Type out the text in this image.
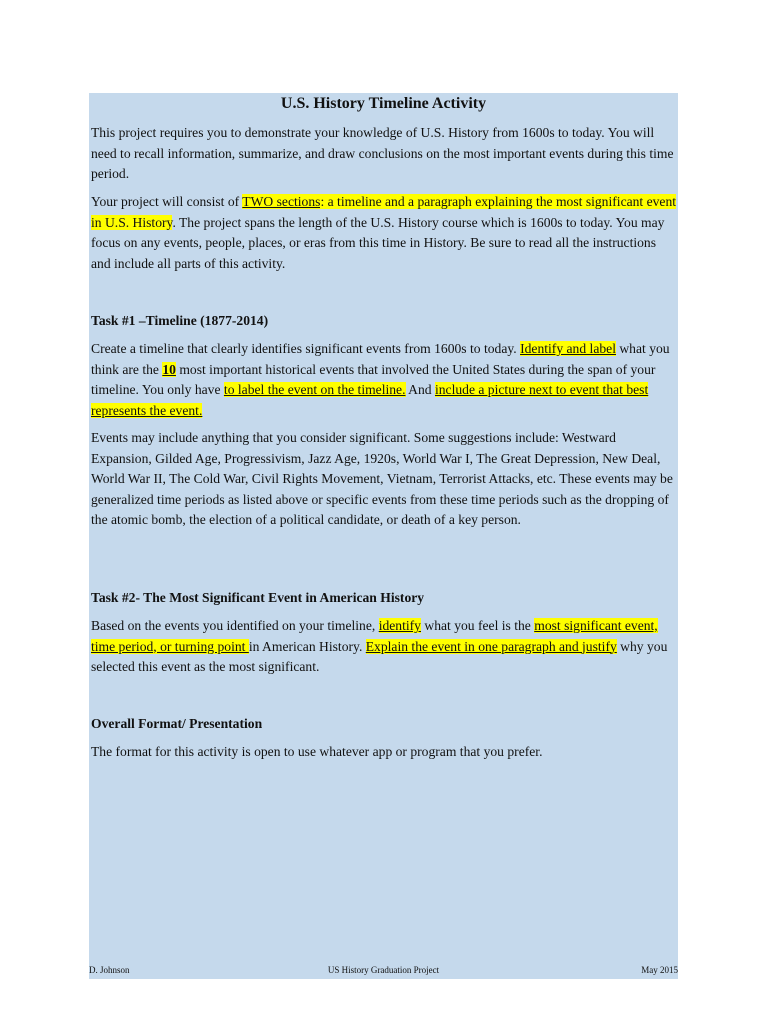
U.S. History Timeline Activity
This project requires you to demonstrate your knowledge of U.S. History from 1600s to today. You will need to recall information, summarize, and draw conclusions on the most important events during this time period.
Your project will consist of TWO sections: a timeline and a paragraph explaining the most significant event in U.S. History. The project spans the length of the U.S. History course which is 1600s to today. You may focus on any events, people, places, or eras from this time in History. Be sure to read all the instructions and include all parts of this activity.
Task #1 –Timeline (1877-2014)
Create a timeline that clearly identifies significant events from 1600s to today. Identify and label what you think are the 10 most important historical events that involved the United States during the span of your timeline. You only have to label the event on the timeline. And include a picture next to event that best represents the event.
Events may include anything that you consider significant. Some suggestions include: Westward Expansion, Gilded Age, Progressivism, Jazz Age, 1920s, World War I, The Great Depression, New Deal, World War II, The Cold War, Civil Rights Movement, Vietnam, Terrorist Attacks, etc. These events may be generalized time periods as listed above or specific events from these time periods such as the dropping of the atomic bomb, the election of a political candidate, or death of a key person.
Task #2- The Most Significant Event in American History
Based on the events you identified on your timeline, identify what you feel is the most significant event, time period, or turning point in American History. Explain the event in one paragraph and justify why you selected this event as the most significant.
Overall Format/ Presentation
The format for this activity is open to use whatever app or program that you prefer.
D. Johnson	US History Graduation Project	May 2015
